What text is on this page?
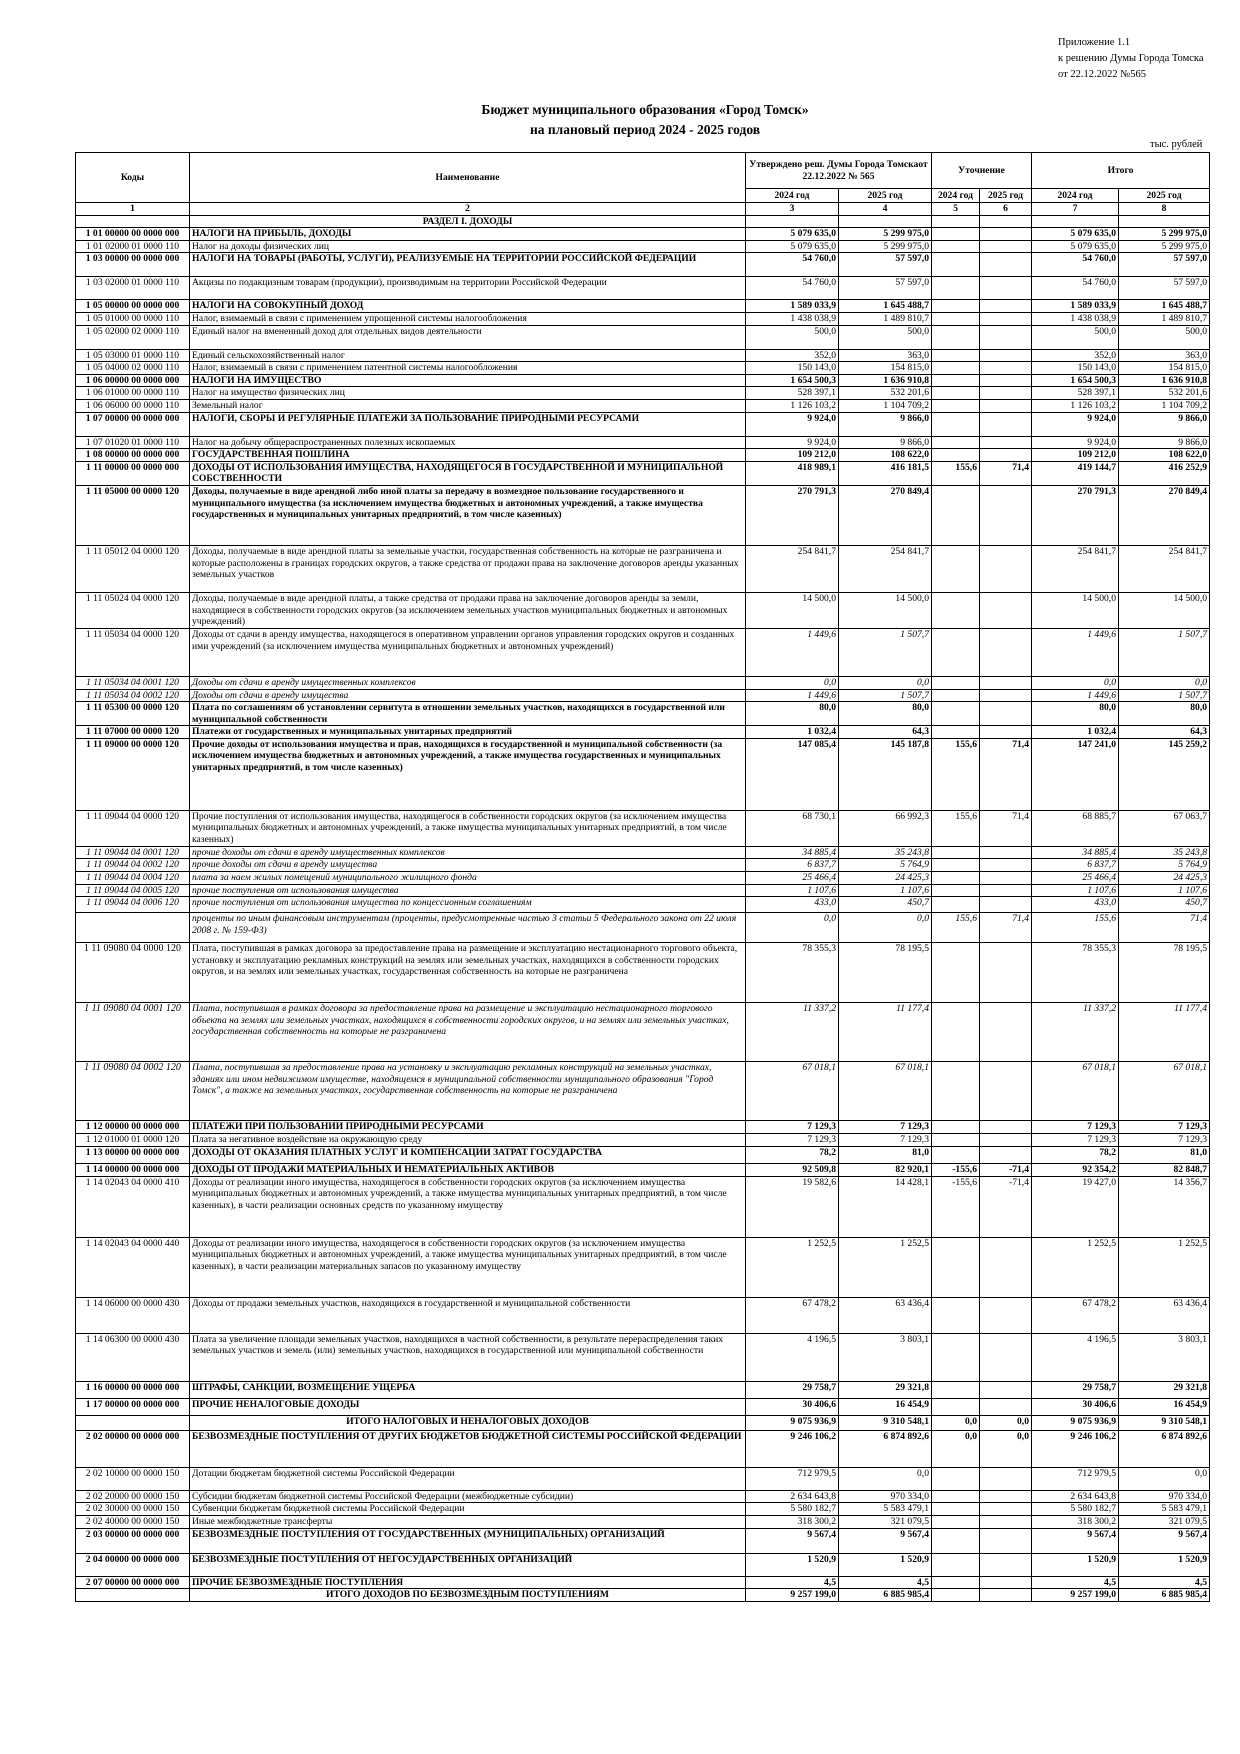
Приложение 1.1
к решению Думы Города Томска
от 22.12.2022 №565
Бюджет муниципального образования «Город Томск»
на плановый период 2024 - 2025 годов
тыс. рублей
Коды	Наименование	Утверждено реш. Думы Города Томскаот 22.12.2022 № 565		Уточнение		Итого	
		2024 год	2025 год	2024 год	2025 год	2024 год	2025 год
1	2	3	4	5	6	7	8
	РАЗДЕЛ I. ДОХОДЫ						
1 01 00000 00 0000 000	НАЛОГИ НА ПРИБЫЛЬ, ДОХОДЫ	5 079 635,0	5 299 975,0			5 079 635,0	5 299 975,0
1 01 02000 01 0000 110	Налог на доходы физических лиц	5 079 635,0	5 299 975,0			5 079 635,0	5 299 975,0
1 03 00000 00 0000 000	НАЛОГИ НА ТОВАРЫ (РАБОТЫ, УСЛУГИ), РЕАЛИЗУЕМЫЕ НА ТЕРРИТОРИИ РОССИЙСКОЙ ФЕДЕРАЦИИ	54 760,0	57 597,0			54 760,0	57 597,0
1 03 02000 01 0000 110	Акцизы по подакцизным товарам (продукции), производимым на территории Российской Федерации	54 760,0	57 597,0			54 760,0	57 597,0
1 05 00000 00 0000 000	НАЛОГИ НА СОВОКУПНЫЙ ДОХОД	1 589 033,9	1 645 488,7			1 589 033,9	1 645 488,7
1 05 01000 00 0000 110	Налог, взимаемый в связи с применением упрощенной системы налогообложения	1 438 038,9	1 489 810,7			1 438 038,9	1 489 810,7
1 05 02000 02 0000 110	Единый налог на вмененный доход для отдельных видов деятельности	500,0	500,0			500,0	500,0
1 05 03000 01 0000 110	Единый сельскохозяйственный налог	352,0	363,0			352,0	363,0
1 05 04000 02 0000 110	Налог, взимаемый в связи с применением патентной системы налогообложения	150 143,0	154 815,0			150 143,0	154 815,0
1 06 00000 00 0000 000	НАЛОГИ НА ИМУЩЕСТВО	1 654 500,3	1 636 910,8			1 654 500,3	1 636 910,8
1 06 01000 00 0000 110	Налог на имущество физических лиц	528 397,1	532 201,6			528 397,1	532 201,6
1 06 06000 00 0000 110	Земельный налог	1 126 103,2	1 104 709,2			1 126 103,2	1 104 709,2
1 07 00000 00 0000 000	НАЛОГИ, СБОРЫ И РЕГУЛЯРНЫЕ ПЛАТЕЖИ ЗА ПОЛЬЗОВАНИЕ ПРИРОДНЫМИ РЕСУРСАМИ	9 924,0	9 866,0			9 924,0	9 866,0
1 07 01020 01 0000 110	Налог на добычу общераспространенных полезных ископаемых	9 924,0	9 866,0			9 924,0	9 866,0
1 08 00000 00 0000 000	ГОСУДАРСТВЕННАЯ ПОШЛИНА	109 212,0	108 622,0			109 212,0	108 622,0
1 11 00000 00 0000 000	ДОХОДЫ ОТ ИСПОЛЬЗОВАНИЯ ИМУЩЕСТВА, НАХОДЯЩЕГОСЯ В ГОСУДАРСТВЕННОЙ И МУНИЦИПАЛЬНОЙ СОБСТВЕННОСТИ	418 989,1	416 181,5	155,6	71,4	419 144,7	416 252,9
1 11 05000 00 0000 120	Доходы, получаемые в виде арендной либо иной платы за передачу в возмездное пользование государственного и муниципального имущества (за исключением имущества бюджетных и автономных учреждений, а также имущества государственных и муниципальных унитарных предприятий, в том числе казенных)	270 791,3	270 849,4			270 791,3	270 849,4
1 11 05012 04 0000 120	Доходы, получаемые в виде арендной платы за земельные участки, государственная собственность на которые не разграничена и которые расположены в границах городских округов, а также средства от продажи права на заключение договоров аренды указанных земельных участков	254 841,7	254 841,7			254 841,7	254 841,7
1 11 05024 04 0000 120	Доходы, получаемые в виде арендной платы, а также средства от продажи права на заключение договоров аренды за земли, находящиеся в собственности городских округов (за исключением земельных участков муниципальных бюджетных и автономных учреждений)	14 500,0	14 500,0			14 500,0	14 500,0
1 11 05034 04 0000 120	Доходы от сдачи в аренду имущества, находящегося в оперативном управлении органов управления городских округов и созданных ими учреждений (за исключением имущества муниципальных бюджетных и автономных учреждений)	1 449,6	1 507,7			1 449,6	1 507,7
1 11 05034 04 0001 120	Доходы от сдачи в аренду имущественных комплексов	0,0	0,0			0,0	0,0
1 11 05034 04 0002 120	Доходы от сдачи в аренду имущества	1 449,6	1 507,7			1 449,6	1 507,7
1 11 05300 00 0000 120	Плата по соглашениям об установлении сервитута в отношении земельных участков, находящихся в государственной или муниципальной собственности	80,0	80,0			80,0	80,0
1 11 07000 00 0000 120	Платежи от государственных и муниципальных унитарных предприятий	1 032,4	64,3			1 032,4	64,3
1 11 09000 00 0000 120	Прочие доходы от использования имущества и прав, находящихся в государственной и муниципальной собственности (за исключением имущества бюджетных и автономных учреждений, а также имущества государственных и муниципальных унитарных предприятий, в том числе казенных)	147 085,4	145 187,8	155,6	71,4	147 241,0	145 259,2
1 11 09044 04 0000 120	Прочие поступления от использования имущества, находящегося в собственности городских округов (за исключением имущества муниципальных бюджетных и автономных учреждений, а также имущества муниципальных унитарных предприятий, в том числе казенных)	68 730,1	66 992,3	155,6	71,4	68 885,7	67 063,7
1 11 09044 04 0001 120	прочие доходы от сдачи в аренду имущественных комплексов	34 885,4	35 243,8			34 885,4	35 243,8
1 11 09044 04 0002 120	прочие доходы от сдачи в аренду имущества	6 837,7	5 764,9			6 837,7	5 764,9
1 11 09044 04 0004 120	плата за наем жилых помещений муниципального жилищного фонда	25 466,4	24 425,3			25 466,4	24 425,3
1 11 09044 04 0005 120	прочие поступления от использования имущества	1 107,6	1 107,6			1 107,6	1 107,6
1 11 09044 04 0006 120	прочие поступления от использования имущества по концессионным соглашениям	433,0	450,7			433,0	450,7
	проценты по иным финансовым инструментам (проценты, предусмотренные частью 3 статьи 5 Федерального закона от 22 июля 2008 г. № 159-ФЗ)	0,0	0,0	155,6	71,4	155,6	71,4
1 11 09080 04 0000 120	Плата, поступившая в рамках договора за предоставление права на размещение и эксплуатацию нестационарного торгового объекта, установку и эксплуатацию рекламных конструкций на землях или земельных участках, находящихся в собственности городских округов, и на землях или земельных участках, государственная собственность на которые не разграничена	78 355,3	78 195,5			78 355,3	78 195,5
1 11 09080 04 0001 120	Плата, поступившая в рамках договора за предоставление права на размещение и эксплуатацию нестационарного торгового объекта на землях или земельных участках, находящихся в собственности городских округов, и на землях или земельных участках, государственная собственность на которые не разграничена	11 337,2	11 177,4			11 337,2	11 177,4
1 11 09080 04 0002 120	Плата, поступившая за предоставление права на установку и эксплуатацию рекламных конструкций на земельных участках, зданиях или ином недвижимом имуществе, находящемся в муниципальной собственности муниципального образования "Город Томск", а также на земельных участках, государственная собственность на которые не разграничена	67 018,1	67 018,1			67 018,1	67 018,1
1 12 00000 00 0000 000	ПЛАТЕЖИ ПРИ ПОЛЬЗОВАНИИ ПРИРОДНЫМИ РЕСУРСАМИ	7 129,3	7 129,3			7 129,3	7 129,3
1 12 01000 01 0000 120	Плата за негативное воздействие на окружающую среду	7 129,3	7 129,3			7 129,3	7 129,3
1 13 00000 00 0000 000	ДОХОДЫ ОТ ОКАЗАНИЯ ПЛАТНЫХ УСЛУГ И КОМПЕНСАЦИИ ЗАТРАТ ГОСУДАРСТВА	78,2	81,0			78,2	81,0
1 14 00000 00 0000 000	ДОХОДЫ ОТ ПРОДАЖИ МАТЕРИАЛЬНЫХ И НЕМАТЕРИАЛЬНЫХ АКТИВОВ	92 509,8	82 920,1	-155,6	-71,4	92 354,2	82 848,7
1 14 02043 04 0000 410	Доходы от реализации иного имущества, находящегося в собственности городских округов (за исключением имущества муниципальных бюджетных и автономных учреждений, а также имущества муниципальных унитарных предприятий, в том числе казенных), в части реализации основных средств по указанному имуществу	19 582,6	14 428,1	-155,6	-71,4	19 427,0	14 356,7
1 14 02043 04 0000 440	Доходы от реализации иного имущества, находящегося в собственности городских округов (за исключением имущества муниципальных бюджетных и автономных учреждений, а также имущества муниципальных унитарных предприятий, в том числе казенных), в части реализации материальных запасов по указанному имуществу	1 252,5	1 252,5			1 252,5	1 252,5
1 14 06000 00 0000 430	Доходы от продажи земельных участков, находящихся в государственной и муниципальной собственности	67 478,2	63 436,4			67 478,2	63 436,4
1 14 06300 00 0000 430	Плата за увеличение площади земельных участков, находящихся в частной собственности, в результате перераспределения таких земельных участков и земель (или) земельных участков, находящихся в государственной или муниципальной собственности	4 196,5	3 803,1			4 196,5	3 803,1
1 16 00000 00 0000 000	ШТРАФЫ, САНКЦИИ, ВОЗМЕЩЕНИЕ УЩЕРБА	29 758,7	29 321,8			29 758,7	29 321,8
1 17 00000 00 0000 000	ПРОЧИЕ НЕНАЛОГОВЫЕ ДОХОДЫ	30 406,6	16 454,9			30 406,6	16 454,9
	ИТОГО НАЛОГОВЫХ И НЕНАЛОГОВЫХ ДОХОДОВ	9 075 936,9	9 310 548,1	0,0	0,0	9 075 936,9	9 310 548,1
2 02 00000 00 0000 000	БЕЗВОЗМЕЗДНЫЕ ПОСТУПЛЕНИЯ ОТ ДРУГИХ БЮДЖЕТОВ БЮДЖЕТНОЙ СИСТЕМЫ РОССИЙСКОЙ ФЕДЕРАЦИИ	9 246 106,2	6 874 892,6	0,0	0,0	9 246 106,2	6 874 892,6
2 02 10000 00 0000 150	Дотации бюджетам бюджетной системы Российской Федерации	712 979,5	0,0			712 979,5	0,0
2 02 20000 00 0000 150	Субсидии бюджетам бюджетной системы Российской Федерации (межбюджетные субсидии)	2 634 643,8	970 334,0			2 634 643,8	970 334,0
2 02 30000 00 0000 150	Субвенции бюджетам бюджетной системы Российской Федерации	5 580 182,7	5 583 479,1			5 580 182,7	5 583 479,1
2 02 40000 00 0000 150	Иные межбюджетные трансферты	318 300,2	321 079,5			318 300,2	321 079,5
2 03 00000 00 0000 000	БЕЗВОЗМЕЗДНЫЕ ПОСТУПЛЕНИЯ ОТ ГОСУДАРСТВЕННЫХ (МУНИЦИПАЛЬНЫХ) ОРГАНИЗАЦИЙ	9 567,4	9 567,4			9 567,4	9 567,4
2 04 00000 00 0000 000	БЕЗВОЗМЕЗДНЫЕ ПОСТУПЛЕНИЯ ОТ НЕГОСУДАРСТВЕННЫХ ОРГАНИЗАЦИЙ	1 520,9	1 520,9			1 520,9	1 520,9
2 07 00000 00 0000 000	ПРОЧИЕ БЕЗВОЗМЕЗДНЫЕ ПОСТУПЛЕНИЯ	4,5	4,5			4,5	4,5
	ИТОГО ДОХОДОВ ПО БЕЗВОЗМЕЗДНЫМ ПОСТУПЛЕНИЯМ	9 257 199,0	6 885 985,4			9 257 199,0	6 885 985,4
